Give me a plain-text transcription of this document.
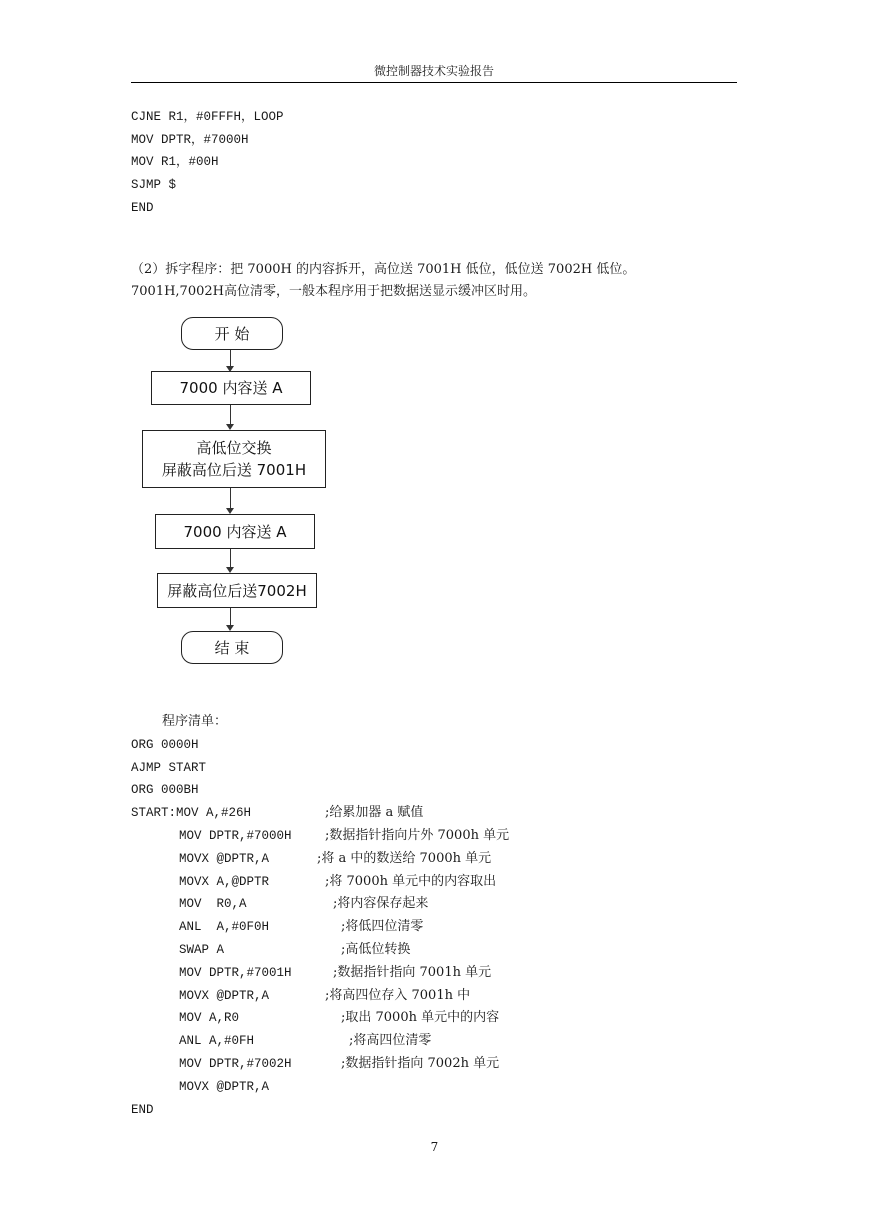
微控制器技术实验报告
CJNE R1，#0FFFH，LOOP
MOV DPTR，#7000H
MOV R1，#00H
SJMP $
END
（2）拆字程序：把 7000H 的内容拆开，高位送 7001H 低位，低位送 7002H 低位。
7001H,7002H高位清零，一般本程序用于把数据送显示缓冲区时用。
开 始
7000 内容送 A
高低位交换
屏蔽高位后送 7001H
7000 内容送 A
屏蔽高位后送7002H
结 束
程序清单：
ORG 0000H
AJMP START
ORG 000BH
START:MOV A,#26H	;给累加器 a 赋值
MOV DPTR,#7000H	;数据指针指向片外 7000h 单元
MOVX @DPTR,A	;将 a 中的数送给 7000h 单元
MOVX A,@DPTR	;将 7000h 单元中的内容取出
MOV  R0,A	;将内容保存起来
ANL  A,#0F0H	;将低四位清零
SWAP A	;高低位转换
MOV DPTR,#7001H	;数据指针指向 7001h 单元
MOVX @DPTR,A	;将高四位存入 7001h 中
MOV A,R0	;取出 7000h 单元中的内容
ANL A,#0FH	;将高四位清零
MOV DPTR,#7002H	;数据指针指向 7002h 单元
MOVX @DPTR,A
END
7
